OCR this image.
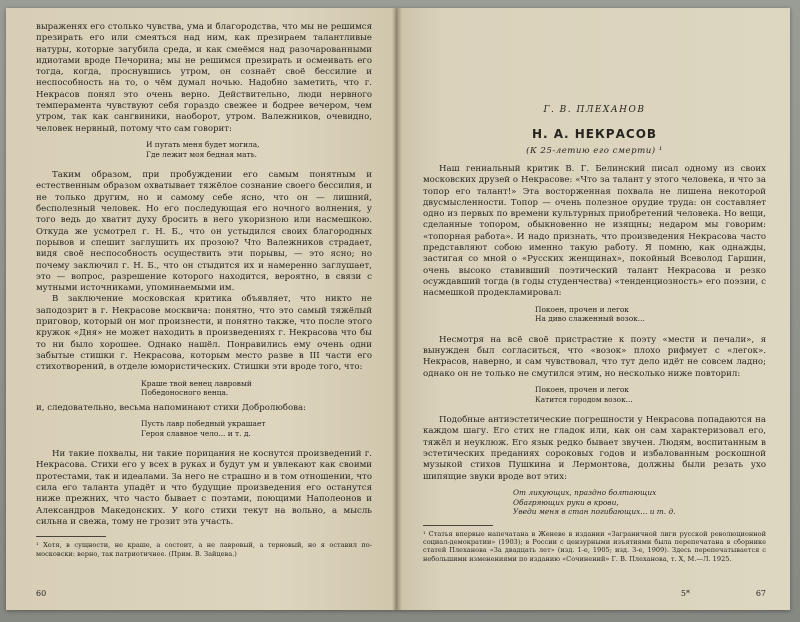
выраженях его столько чувства, ума и благородства, что мы не решимся презирать его или смеяться над ним, как презираем талантливые натуры, которые загубила среда, и как смеёмся над разочарованными идиотами вроде Печорина; мы не решимся презирать и осмеивать его тогда, когда, проснувшись утром, он сознаёт своё бессилие и неспособность на то, о чём думал ночью. Надобно заметить, что г. Некрасов понял это очень верно. Действительно, люди нервного темперамента чувствуют себя гораздо свежее и бодрее вечером, чем утром, так как сангвиники, наоборот, утром. Валежников, очевидно, человек нервный, потому что сам говорит:

И пугать меня будет могила,
Где лежит моя бедная мать.

Таким образом, при пробуждении его самым понятным и естественным образом охватывает тяжёлое сознание своего бессилия, и не только другим, но и самому себе ясно, что он — лишний, бесполезный человек. Но его последующая его ночного волнения, у того ведь до хватит духу бросить в него укоризною или насмешкою. Откуда же усмотрел г. Н. Б., что он устыдился своих благородных порывов и спешит заглушить их прозою? Что Валежников страдает, видя своё неспособность осуществить эти порывы, — это ясно; но почему заключил г. Н. Б., что он стыдится их и намеренно заглушает, это — вопрос, разрешение которого находится, вероятно, в связи с мутными источниками, упоминаемыми им.

В заключение московская критика объявляет, что никто не заподозрит в г. Некрасове москвича: понятно, что это самый тяжёлый приговор, который он мог произнести, и понятно также, что после этого кружок «Дня» не может находить в произведениях г. Некрасова что бы то ни было хорошее. Однако нашёл. Понравились ему очень одни забытые стишки г. Некрасова, которым место разве в III части его стихотворений, в отделе юмористических. Стишки эти вроде того, что:

Краше твой венец лавровый
Победоносного венца.

и, следовательно, весьма напоминают стихи Добролюбова:

Пусть лавр победный украшает
Героя славное чело... и т. д.

Ни такие похвалы, ни такие порицания не коснутся произведений г. Некрасова. Стихи его у всех в руках и будут ум и увлекают как своими протестами, так и идеалами. За него не страшно и в том отношении, что сила его таланта упадёт и что будущие произведения его останутся ниже прежних, что часто бывает с поэтами, поющими Наполеонов и Александров Македонских. У кого стихи текут на вольно, а мысль сильна и свежа, тому не грозит эта участь.

¹ Хотя, в сущности, не краше, а состоит, а не лавровый, а терновый, но я оставил по-московски: верно, так патриотичнее. (Прим. В. Зайцева.)

60
Г. В. ПЛЕХАНОВ
Н. А. НЕКРАСОВ
(К 25-летию его смерти) ¹

Наш гениальный критик В. Г. Белинский писал одному из своих московских друзей о Некрасове: «Что за талант у этого человека, и что за топор его талант!» Эта восторженная похвала не лишена некоторой двусмысленности. Топор — очень полезное орудие труда: он составляет одно из первых по времени культурных приобретений человека. Но вещи, сделанные топором, обыкновенно не изящны; недаром мы говорим: «топорная работа». И надо признать, что произведения Некрасова часто представляют собою именно такую работу. Я помню, как однажды, застигая со мной о «Русских женщинах», покойный Всеволод Гаршин, очень высоко ставивший поэтический талант Некрасова и резко осуждавший тогда (в годы студенчества) «тенденциозность» его поэзии, с насмешкой продекламировал:

Покоен, прочен и легок
На диво слаженный возок...

Несмотря на всё своё пристрастие к поэту «мести и печали», я вынужден был согласиться, что «возок» плохо рифмует с «легок». Некрасов, наверно, и сам чувствовал, что тут дело идёт не совсем ладно; однако он не только не смутился этим, но несколько ниже повторил:

Покоен, прочен и легок
Катится городом возок...

Подобные антиэстетические погрешности у Некрасова попадаются на каждом шагу. Его стих не гладок или, как он сам характеризовал его, тяжёл и неуклюж. Его язык редко бывает звучен. Людям, воспитанным в эстетических преданиях сороковых годов и избалованным роскошной музыкой стихов Пушкина и Лермонтова, должны были резать ухо шипящие звуки вроде вот этих:

От ликующих, праздно болтающих
Обагряющих руки в крови,
Уведи меня в стан погибающих... и т. д.

¹ Статья впервые напечатана в Женеве в издании «Заграничной лиги русской революционной социал-демократии» (1903); в России с цензурными изъятиями была перепечатана в сборнике статей Плеханова «За двадцать лет» (изд. 1-е, 1905; изд. 3-е, 1909). Здесь перепечатывается с небольшими изменениями по изданию «Сочинений» Г. В. Плеханова, т. X, М.—Л. 1925.

5*	67
